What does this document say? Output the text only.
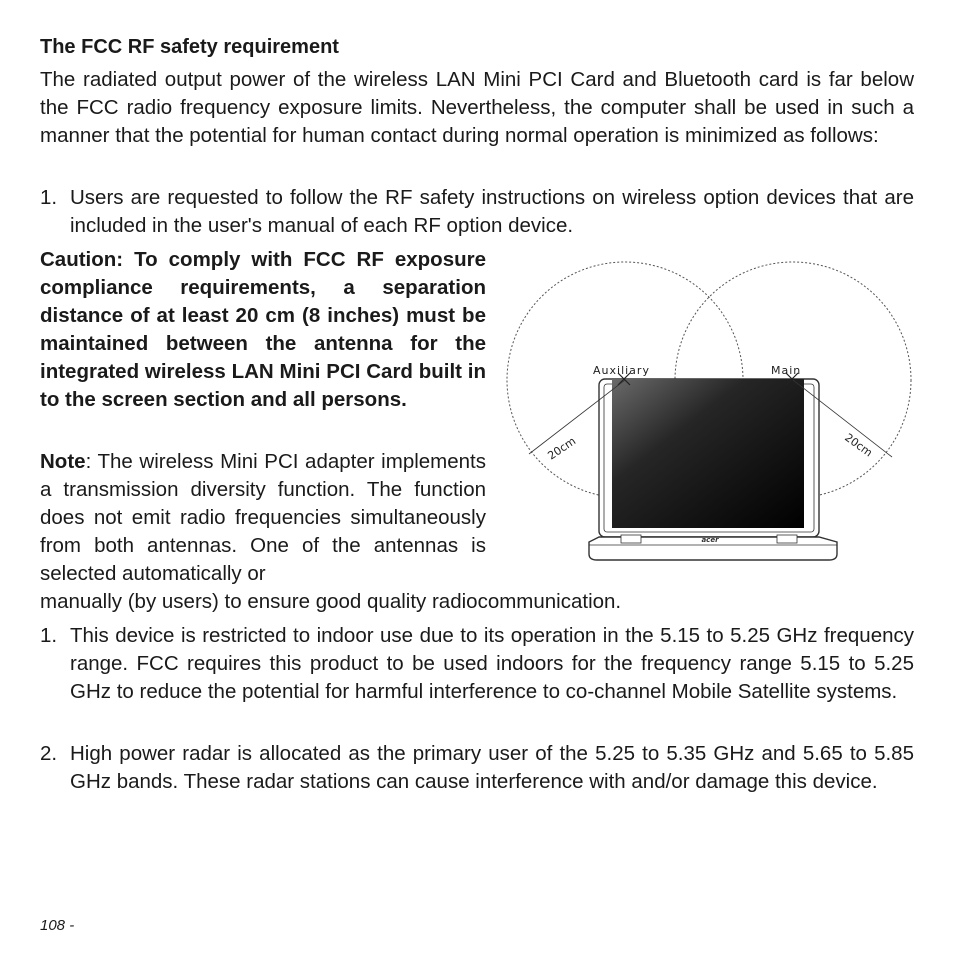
The FCC RF safety requirement

The radiated output power of the wireless LAN Mini PCI Card and Bluetooth card is far below the FCC radio frequency exposure limits. Nevertheless, the computer shall be used in such a manner that the potential for human contact during normal operation is minimized as follows:

1. Users are requested to follow the RF safety instructions on wireless option devices that are included in the user's manual of each RF option device.
Caution: To comply with FCC RF exposure compliance requirements, a separation distance of at least 20 cm (8 inches) must be maintained between the antenna for the integrated wireless LAN Mini PCI Card built in to the screen section and all persons.
Note: The wireless Mini PCI adapter implements a transmission diversity function. The function does not emit radio frequencies simultaneously from both antennas. One of the antennas is selected automatically or
manually (by users) to ensure good quality radiocommunication.
acer
Auxiliary	Main
20cm	20cm
1. This device is restricted to indoor use due to its operation in the 5.15 to 5.25 GHz frequency range. FCC requires this product to be used indoors for the frequency range 5.15 to 5.25 GHz to reduce the potential for harmful interference to co-channel Mobile Satellite systems.
2. High power radar is allocated as the primary user of the 5.25 to 5.35 GHz and 5.65 to 5.85 GHz bands. These radar stations can cause interference with and/or damage this device.
108 -
